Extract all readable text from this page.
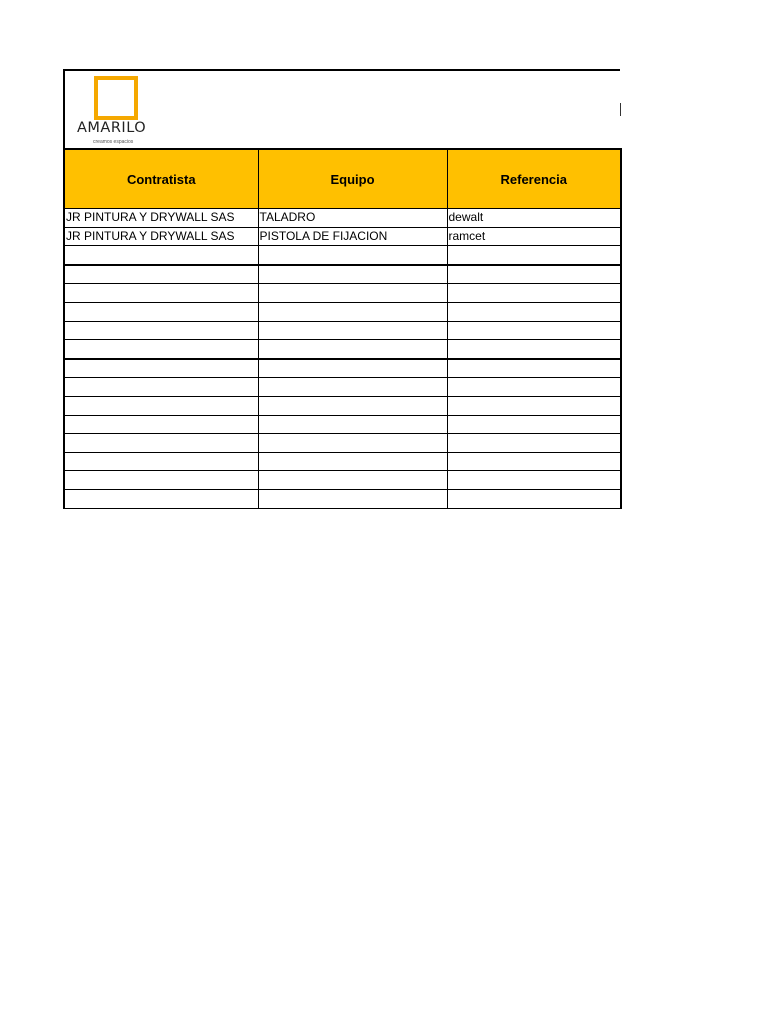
AMARILO
creamos espacios
Contratista	Equipo	Referencia
JR PINTURA Y DRYWALL SAS	TALADRO	dewalt
JR PINTURA Y DRYWALL SAS	PISTOLA DE FIJACION	ramcet
